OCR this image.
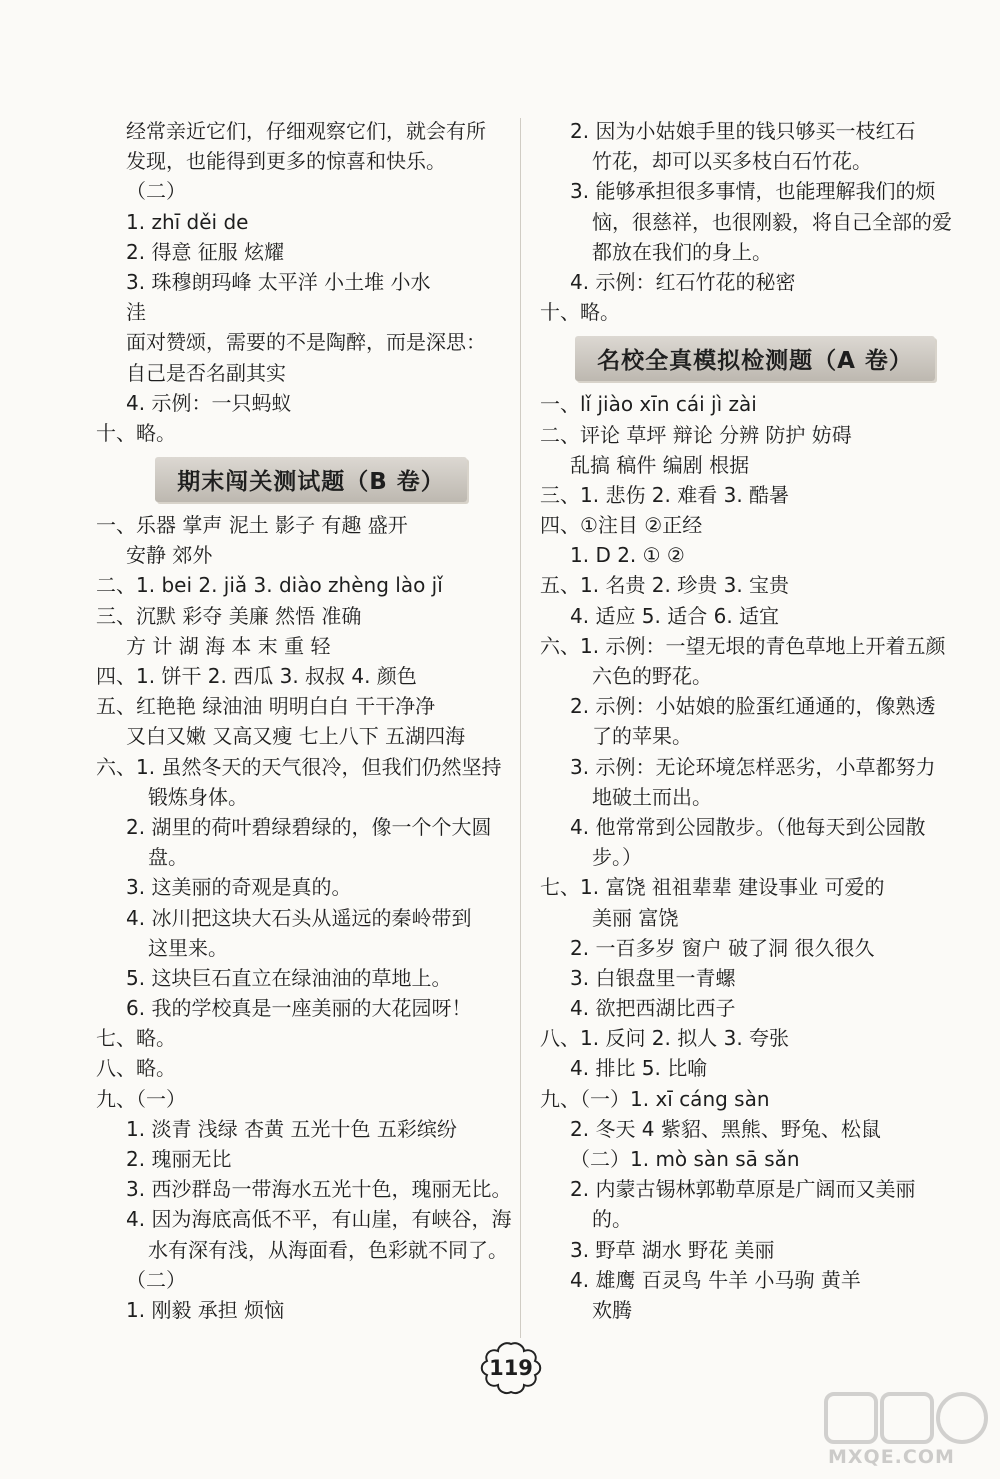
经常亲近它们，仔细观察它们，就会有所
发现，也能得到更多的惊喜和快乐。
（二）
1. zhī děi de
2. 得意 征服 炫耀
3. 珠穆朗玛峰 太平洋 小土堆 小水
洼
面对赞颂，需要的不是陶醉，而是深思：
自己是否名副其实
4. 示例：一只蚂蚁
十、略。
期末闯关测试题（B 卷）
一、乐器 掌声 泥土 影子 有趣 盛开
安静 郊外
二、1. bei 2. jiǎ 3. diào zhèng lào jǐ
三、沉默 彩夺 美廉 然悟 准确
方 计 湖 海 本 末 重 轻
四、1. 饼干 2. 西瓜 3. 叔叔 4. 颜色
五、红艳艳 绿油油 明明白白 干干净净
又白又嫩 又高又瘦 七上八下 五湖四海
六、1. 虽然冬天的天气很冷，但我们仍然坚持
锻炼身体。
2. 湖里的荷叶碧绿碧绿的，像一个个大圆
盘。
3. 这美丽的奇观是真的。
4. 冰川把这块大石头从遥远的秦岭带到
这里来。
5. 这块巨石直立在绿油油的草地上。
6. 我的学校真是一座美丽的大花园呀！
七、略。
八、略。
九、（一）
1. 淡青 浅绿 杏黄 五光十色 五彩缤纷
2. 瑰丽无比
3. 西沙群岛一带海水五光十色，瑰丽无比。
4. 因为海底高低不平，有山崖，有峡谷，海
水有深有浅，从海面看，色彩就不同了。
（二）
1. 刚毅 承担 烦恼
2. 因为小姑娘手里的钱只够买一枝红石
竹花，却可以买多枝白石竹花。
3. 能够承担很多事情，也能理解我们的烦
恼，很慈祥，也很刚毅，将自己全部的爱
都放在我们的身上。
4. 示例：红石竹花的秘密
十、略。
名校全真模拟检测题（A 卷）
一、lǐ jiào xīn cái jì zài
二、评论 草坪 辩论 分辨 防护 妨碍
乱搞 稿件 编剧 根据
三、1. 悲伤 2. 难看 3. 酷暑
四、①注目 ②正经
1. D 2. ① ②
五、1. 名贵 2. 珍贵 3. 宝贵
4. 适应 5. 适合 6. 适宜
六、1. 示例：一望无垠的青色草地上开着五颜
六色的野花。
2. 示例：小姑娘的脸蛋红通通的，像熟透
了的苹果。
3. 示例：无论环境怎样恶劣，小草都努力
地破土而出。
4. 他常常到公园散步。（他每天到公园散
步。）
七、1. 富饶 祖祖辈辈 建设事业 可爱的
美丽 富饶
2. 一百多岁 窗户 破了洞 很久很久
3. 白银盘里一青螺
4. 欲把西湖比西子
八、1. 反问 2. 拟人 3. 夸张
4. 排比 5. 比喻
九、（一）1. xī cáng sàn
2. 冬天 4 紫貂、黑熊、野兔、松鼠
（二）1. mò sàn sā sǎn
2. 内蒙古锡林郭勒草原是广阔而又美丽
的。
3. 野草 湖水 野花 美丽
4. 雄鹰 百灵鸟 牛羊 小马驹 黄羊
欢腾
119
MXQE.COM
